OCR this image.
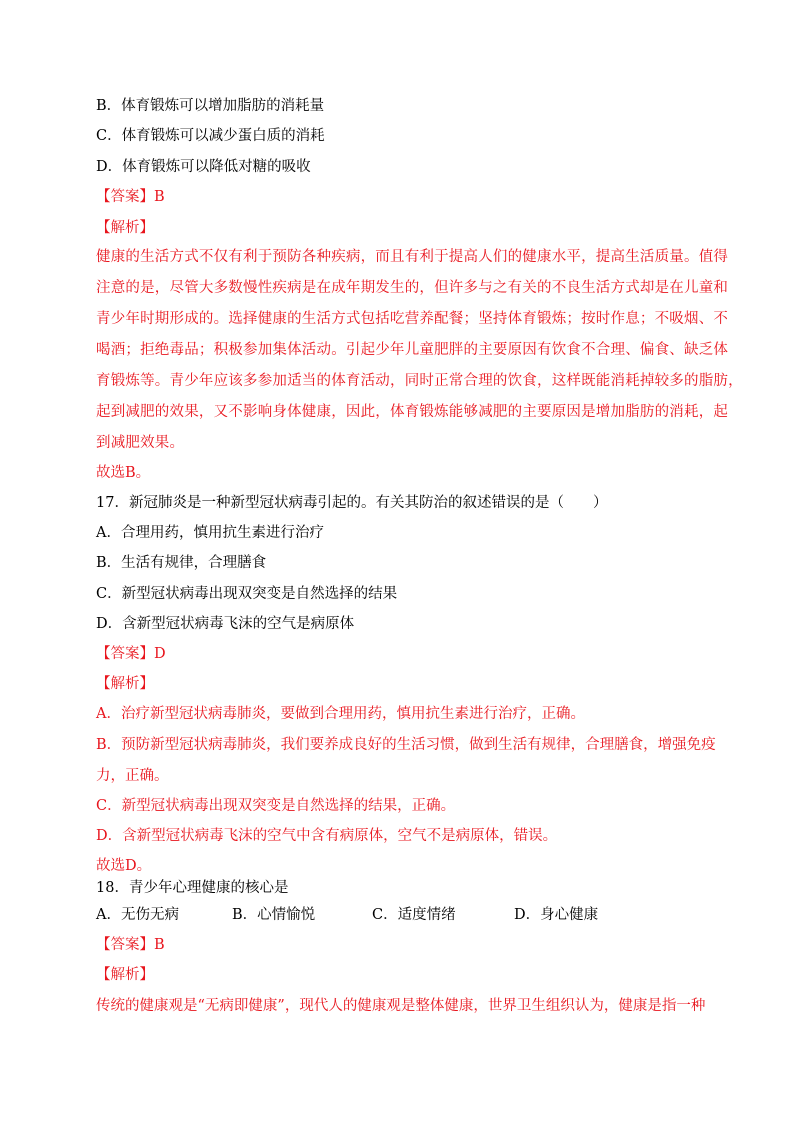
B．体育锻炼可以增加脂肪的消耗量
C．体育锻炼可以减少蛋白质的消耗
D．体育锻炼可以降低对糖的吸收
【答案】B
【解析】
健康的生活方式不仅有利于预防各种疾病，而且有利于提高人们的健康水平，提高生活质量。值得
注意的是，尽管大多数慢性疾病是在成年期发生的，但许多与之有关的不良生活方式却是在儿童和
青少年时期形成的。选择健康的生活方式包括吃营养配餐；坚持体育锻炼；按时作息；不吸烟、不
喝酒；拒绝毒品；积极参加集体活动。引起少年儿童肥胖的主要原因有饮食不合理、偏食、缺乏体
育锻炼等。青少年应该多参加适当的体育活动，同时正常合理的饮食，这样既能消耗掉较多的脂肪，
起到减肥的效果，又不影响身体健康，因此，体育锻炼能够减肥的主要原因是增加脂肪的消耗，起
到减肥效果。
故选B。
17．新冠肺炎是一种新型冠状病毒引起的。有关其防治的叙述错误的是（　　）
A．合理用药，慎用抗生素进行治疗
B．生活有规律，合理膳食
C．新型冠状病毒出现双突变是自然选择的结果
D．含新型冠状病毒飞沫的空气是病原体
【答案】D
【解析】
A．治疗新型冠状病毒肺炎，要做到合理用药，慎用抗生素进行治疗，正确。
B．预防新型冠状病毒肺炎，我们要养成良好的生活习惯，做到生活有规律，合理膳食，增强免疫
力，正确。
C．新型冠状病毒出现双突变是自然选择的结果，正确。
D．含新型冠状病毒飞沫的空气中含有病原体，空气不是病原体，错误。
故选D。
18．青少年心理健康的核心是
A．无伤无病	B．心情愉悦	C．适度情绪	D．身心健康
【答案】B
【解析】
传统的健康观是“无病即健康”，现代人的健康观是整体健康，世界卫生组织认为，健康是指一种
